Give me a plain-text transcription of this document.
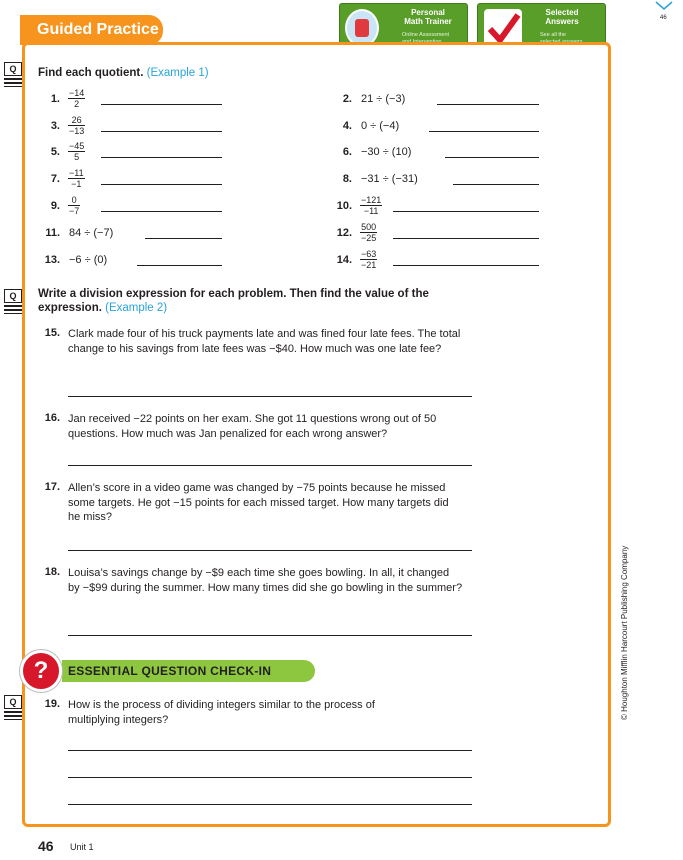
Guided Practice
Personal
Math Trainer
Online Assessment
Selected
Answers
See all the
46
Q
Q
Q
Find each quotient. (Example 1)
1. $\frac{-14}{2}$	2. 21 ÷ (−3)
3. $\frac{26}{-13}$	4. 0 ÷ (−4)
5. $\frac{-45}{5}$	6. −30 ÷ (10)
7. $\frac{-11}{-1}$	8. −31 ÷ (−31)
9. $\frac{0}{-7}$	10. $\frac{-121}{-11}$
11. 84 ÷ (−7)	12. $\frac{500}{-25}$
13. −6 ÷ (0)	14. $\frac{-63}{-21}$
Write a division expression for each problem. Then find the value of the
expression. (Example 2)
15. Clark made four of his truck payments late and was fined four late fees. The total change to his savings from late fees was −$40. How much was one late fee?
16. Jan received −22 points on her exam. She got 11 questions wrong out of 50 questions. How much was Jan penalized for each wrong answer?
17. Allen’s score in a video game was changed by −75 points because he missed some targets. He got −15 points for each missed target. How many targets did he miss?
18. Louisa’s savings change by −$9 each time she goes bowling. In all, it changed by −$99 during the summer. How many times did she go bowling in the summer?
ESSENTIAL QUESTION CHECK-IN
?
19. How is the process of dividing integers similar to the process of multiplying integers?	© Houghton Mifflin Harcourt Publishing Company
46 Unit 1
